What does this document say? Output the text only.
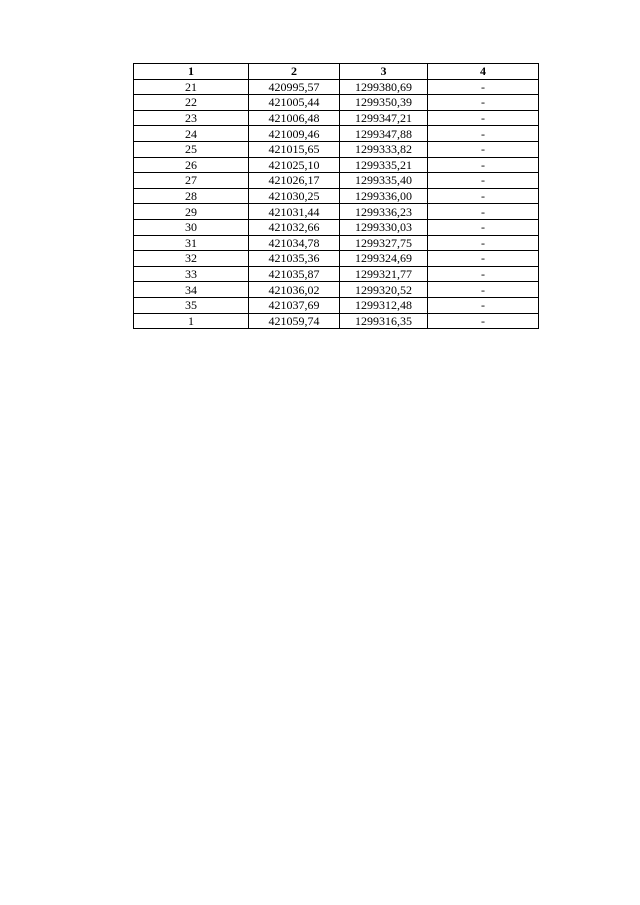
1	2	3	4
21	420995,57	1299380,69	-
22	421005,44	1299350,39	-
23	421006,48	1299347,21	-
24	421009,46	1299347,88	-
25	421015,65	1299333,82	-
26	421025,10	1299335,21	-
27	421026,17	1299335,40	-
28	421030,25	1299336,00	-
29	421031,44	1299336,23	-
30	421032,66	1299330,03	-
31	421034,78	1299327,75	-
32	421035,36	1299324,69	-
33	421035,87	1299321,77	-
34	421036,02	1299320,52	-
35	421037,69	1299312,48	-
1	421059,74	1299316,35	-
